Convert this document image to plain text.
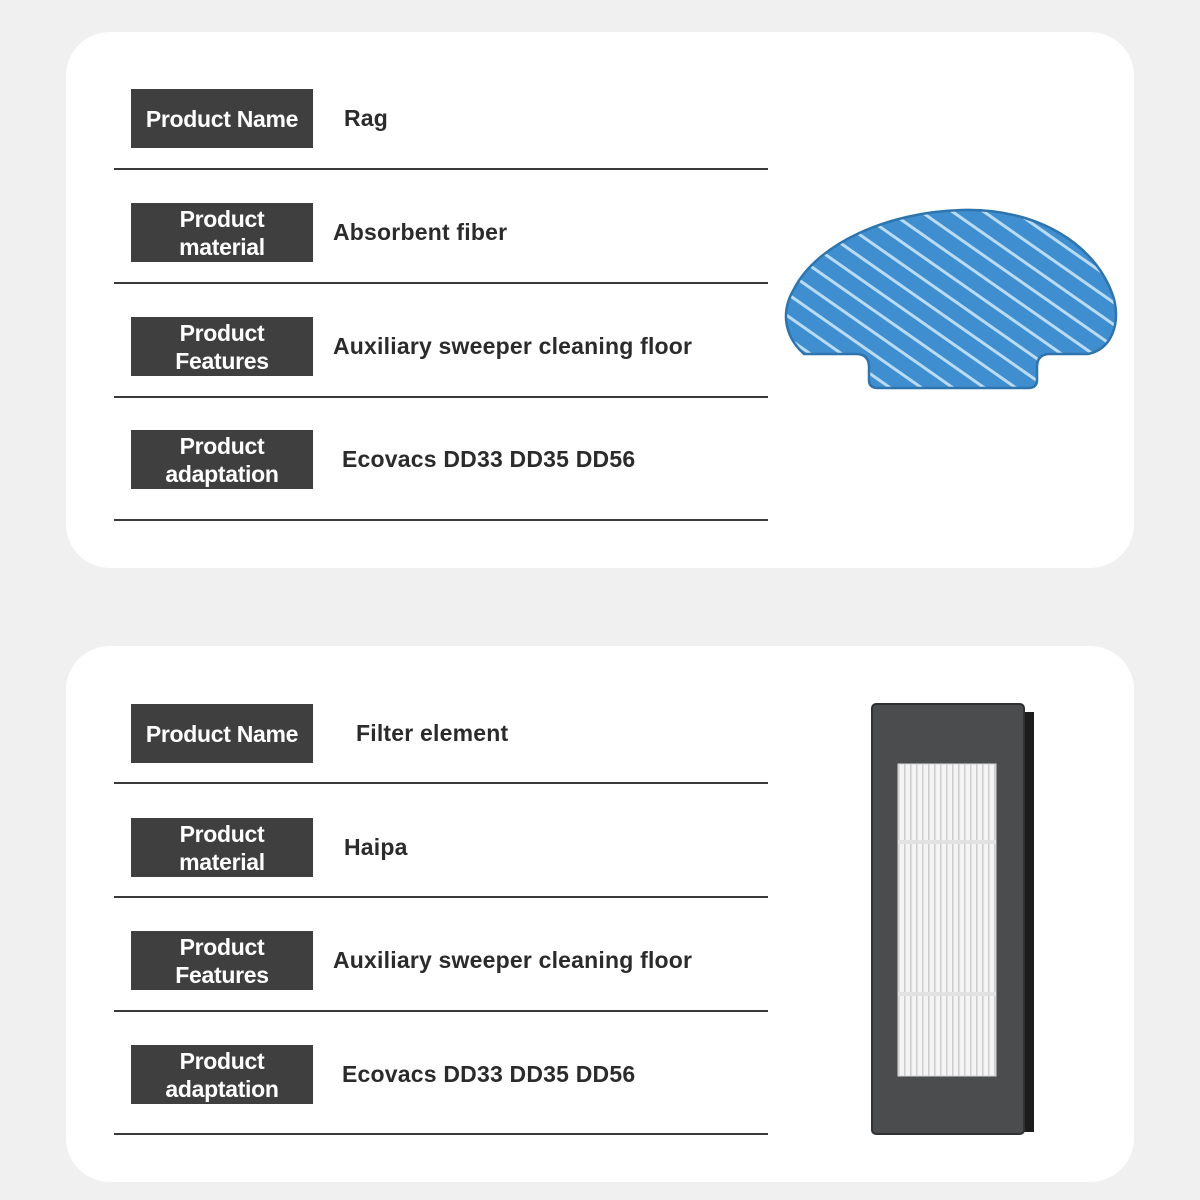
Product Name	Rag
Product
material
Absorbent fiber
Product
Features
Auxiliary sweeper cleaning floor
Product
adaptation
Ecovacs DD33 DD35 DD56
Product Name	Filter element
Product
material
Haipa
Product
Features
Auxiliary sweeper cleaning floor
Product
adaptation
Ecovacs DD33 DD35 DD56
